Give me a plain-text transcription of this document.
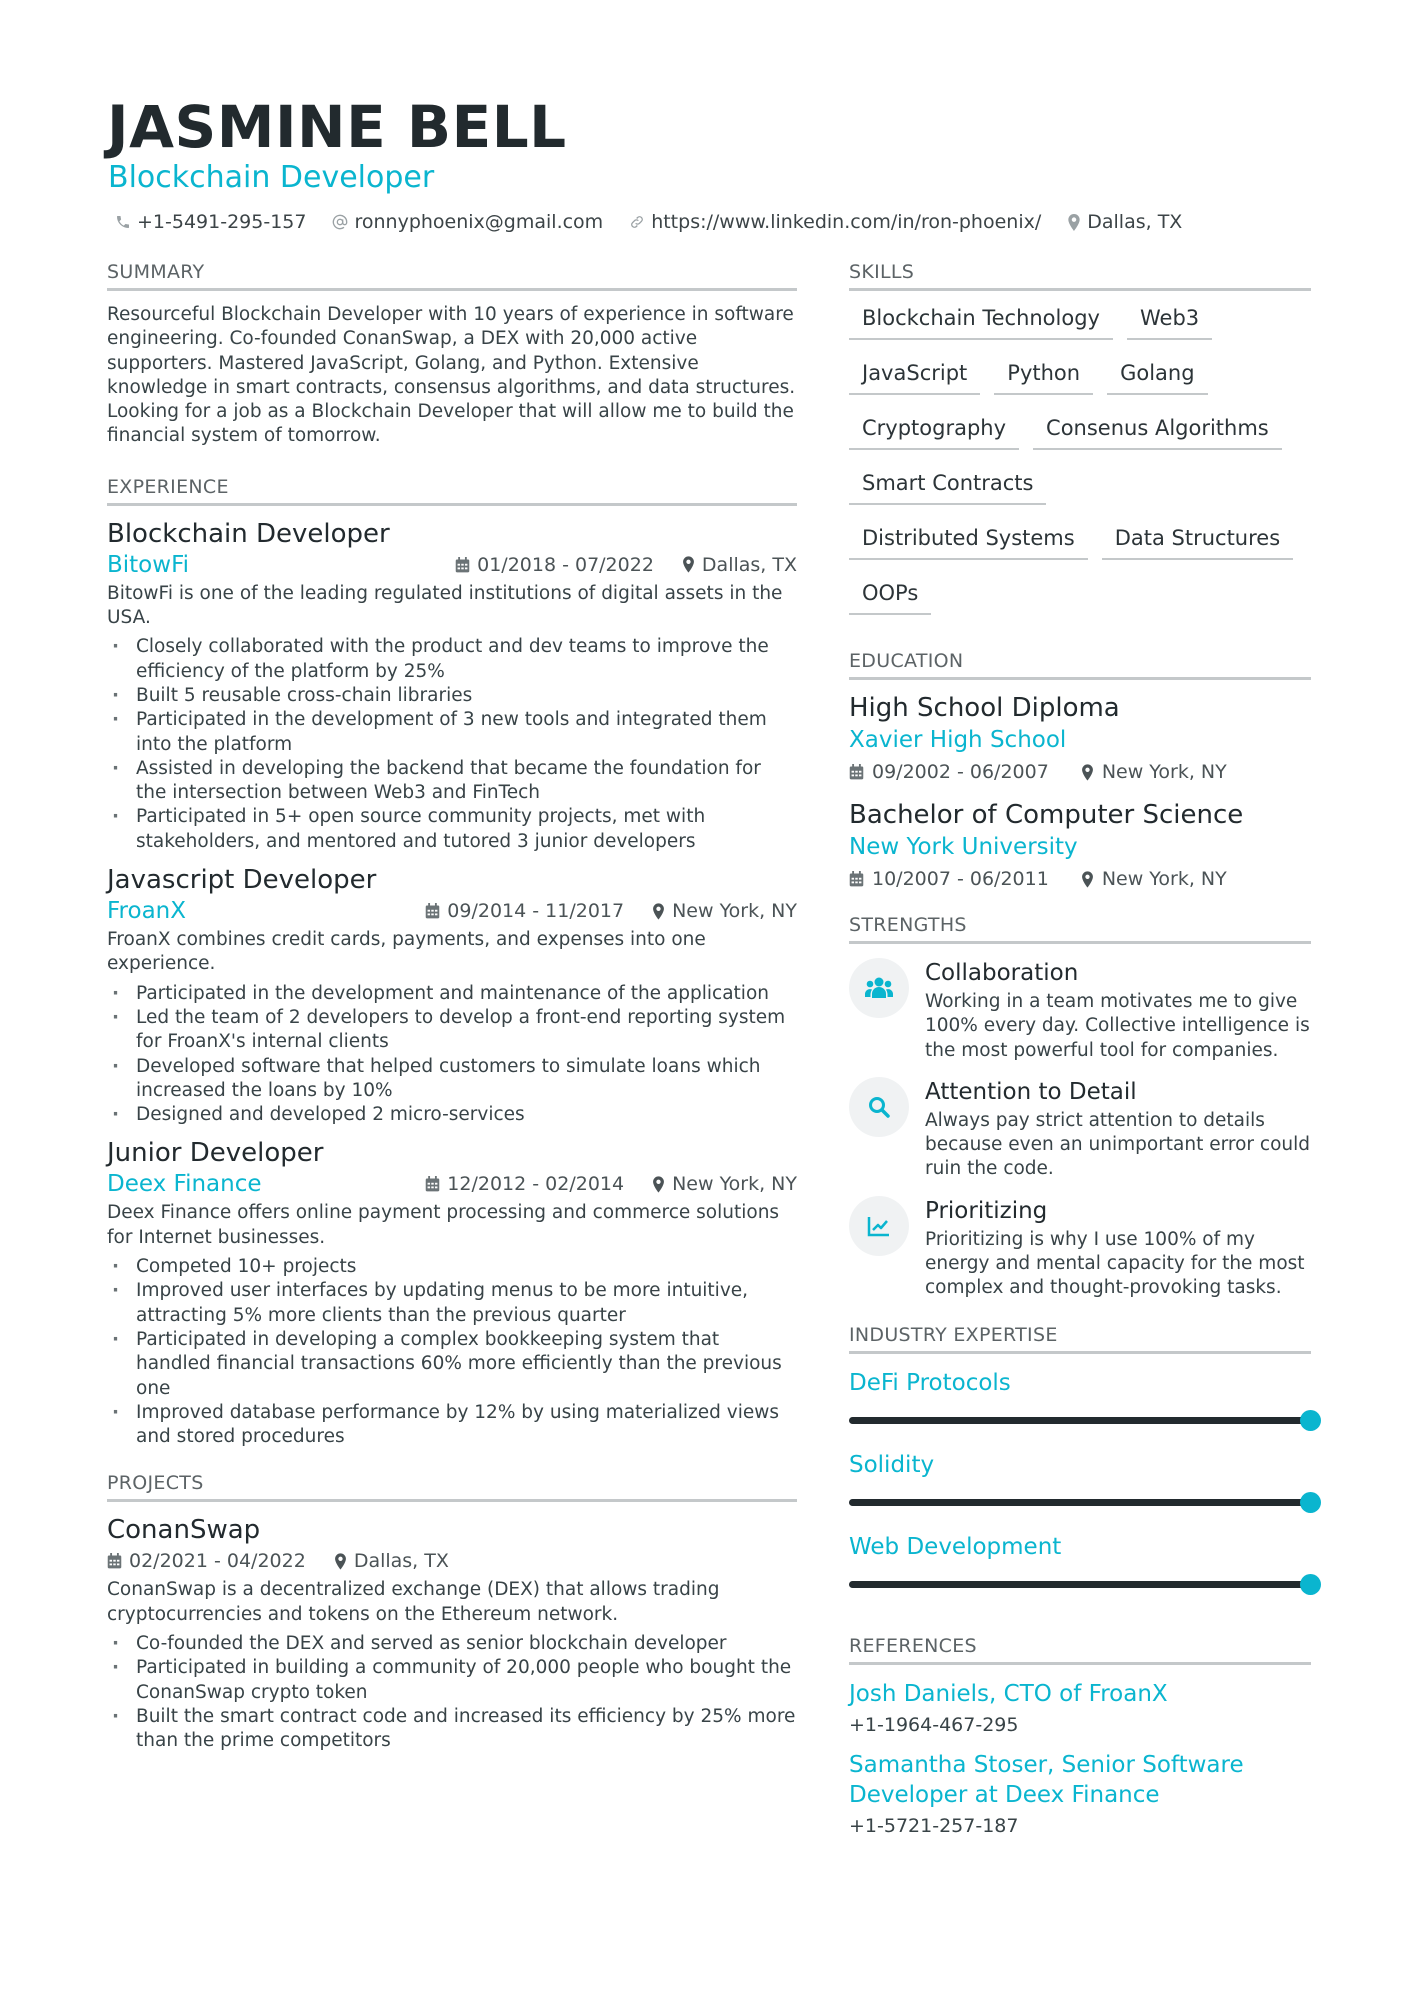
JASMINE BELL
Blockchain Developer
+1-5491-295-157	ronnyphoenix@gmail.com	https://www.linkedin.com/in/ron-phoenix/ Dallas, TX
SUMMARY
Resourceful Blockchain Developer with 10 years of experience in software engineering. Co-founded ConanSwap, a DEX with 20,000 active supporters. Mastered JavaScript, Golang, and Python. Extensive knowledge in smart contracts, consensus algorithms, and data structures. Looking for a job as a Blockchain Developer that will allow me to build the financial system of tomorrow.
EXPERIENCE
Blockchain Developer
BitowFi	01/2018 - 07/2022	Dallas, TX
BitowFi is one of the leading regulated institutions of digital assets in the USA.
· Closely collaborated with the product and dev teams to improve the efficiency of the platform by 25%
· Built 5 reusable cross-chain libraries
· Participated in the development of 3 new tools and integrated them into the platform
· Assisted in developing the backend that became the foundation for the intersection between Web3 and FinTech
· Participated in 5+ open source community projects, met with stakeholders, and mentored and tutored 3 junior developers
Javascript Developer
FroanX	09/2014 - 11/2017	New York, NY
FroanX combines credit cards, payments, and expenses into one experience.
· Participated in the development and maintenance of the application
· Led the team of 2 developers to develop a front-end reporting system for FroanX's internal clients
· Developed software that helped customers to simulate loans which increased the loans by 10%
· Designed and developed 2 micro-services
Junior Developer
Deex Finance	12/2012 - 02/2014	New York, NY
Deex Finance offers online payment processing and commerce solutions for Internet businesses.
· Competed 10+ projects
· Improved user interfaces by updating menus to be more intuitive, attracting 5% more clients than the previous quarter
· Participated in developing a complex bookkeeping system that handled financial transactions 60% more efficiently than the previous one
· Improved database performance by 12% by using materialized views and stored procedures
PROJECTS
ConanSwap
02/2021 - 04/2022	Dallas, TX
ConanSwap is a decentralized exchange (DEX) that allows trading cryptocurrencies and tokens on the Ethereum network.
· Co-founded the DEX and served as senior blockchain developer
· Participated in building a community of 20,000 people who bought the ConanSwap crypto token
· Built the smart contract code and increased its efficiency by 25% more than the prime competitors
SKILLS
Blockchain Technology	Web3
JavaScript	Python	Golang
Cryptography	Consenus Algorithms
Smart Contracts
Distributed Systems	Data Structures
OOPs
EDUCATION
High School Diploma
Xavier High School
09/2002 - 06/2007	New York, NY
Bachelor of Computer Science
New York University
10/2007 - 06/2011	New York, NY
STRENGTHS
Collaboration
Working in a team motivates me to give 100% every day. Collective intelligence is the most powerful tool for companies.
Attention to Detail
Always pay strict attention to details because even an unimportant error could ruin the code.
Prioritizing
Prioritizing is why I use 100% of my energy and mental capacity for the most complex and thought-provoking tasks.
INDUSTRY EXPERTISE
DeFi Protocols
Solidity
Web Development
REFERENCES
Josh Daniels, CTO of FroanX
+1-1964-467-295
Samantha Stoser, Senior Software Developer at Deex Finance
+1-5721-257-187
